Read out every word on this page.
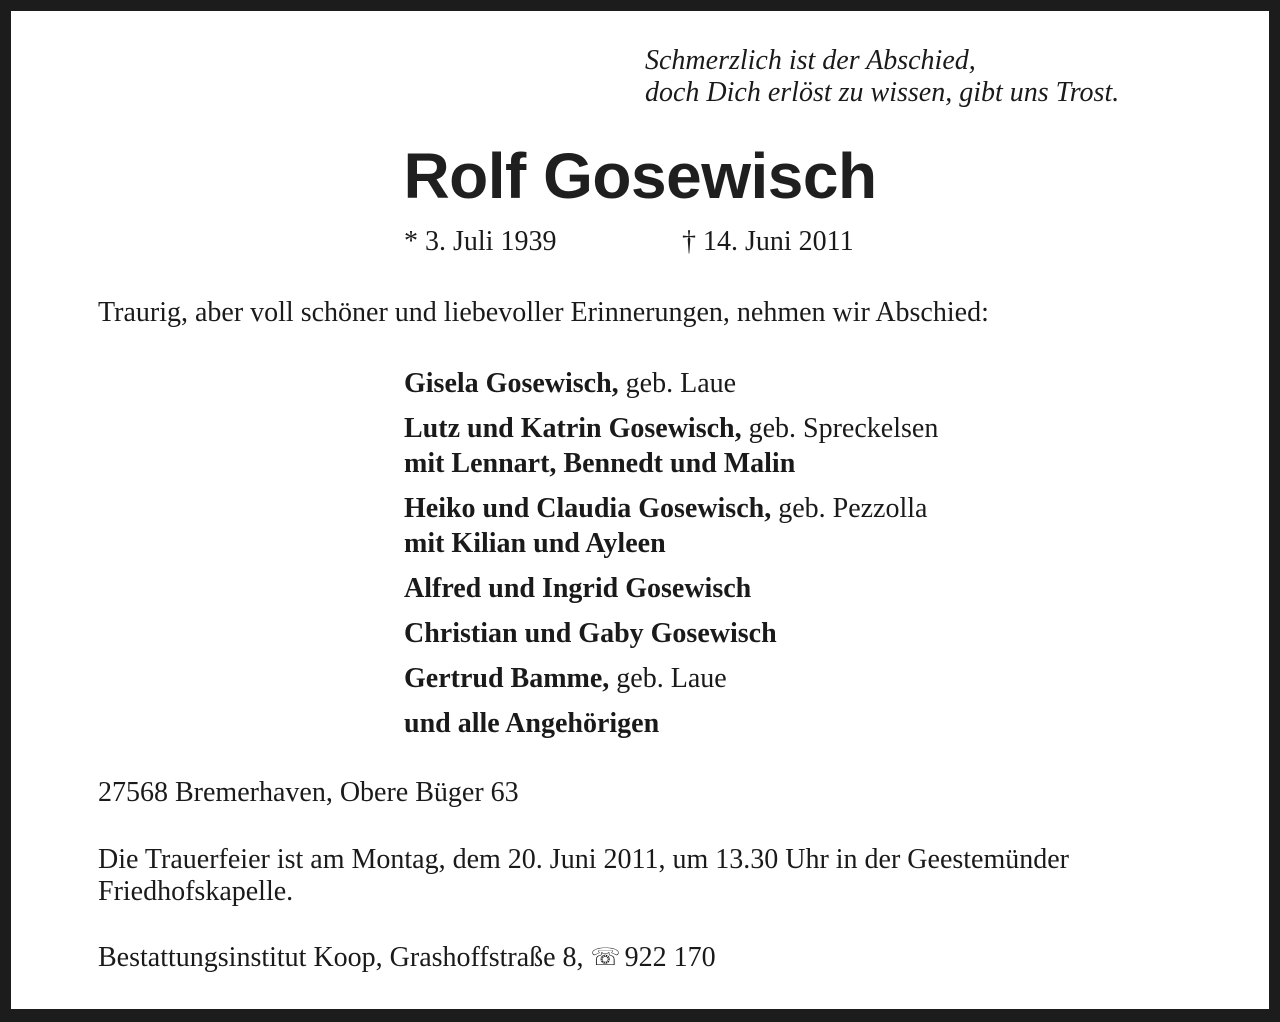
Schmerzlich ist der Abschied,
doch Dich erlöst zu wissen, gibt uns Trost.
Rolf Gosewisch
* 3. Juli 1939	† 14. Juni 2011
Traurig, aber voll schöner und liebevoller Erinnerungen, nehmen wir Abschied:
Gisela Gosewisch, geb. Laue
Lutz und Katrin Gosewisch, geb. Spreckelsen
mit Lennart, Bennedt und Malin
Heiko und Claudia Gosewisch, geb. Pezzolla
mit Kilian und Ayleen
Alfred und Ingrid Gosewisch
Christian und Gaby Gosewisch
Gertrud Bamme, geb. Laue
und alle Angehörigen
27568 Bremerhaven, Obere Büger 63
Die Trauerfeier ist am Montag, dem 20. Juni 2011, um 13.30 Uhr in der Geestemünder
Friedhofskapelle.
Bestattungsinstitut Koop, Grashoffstraße 8, ☏ 922 170
